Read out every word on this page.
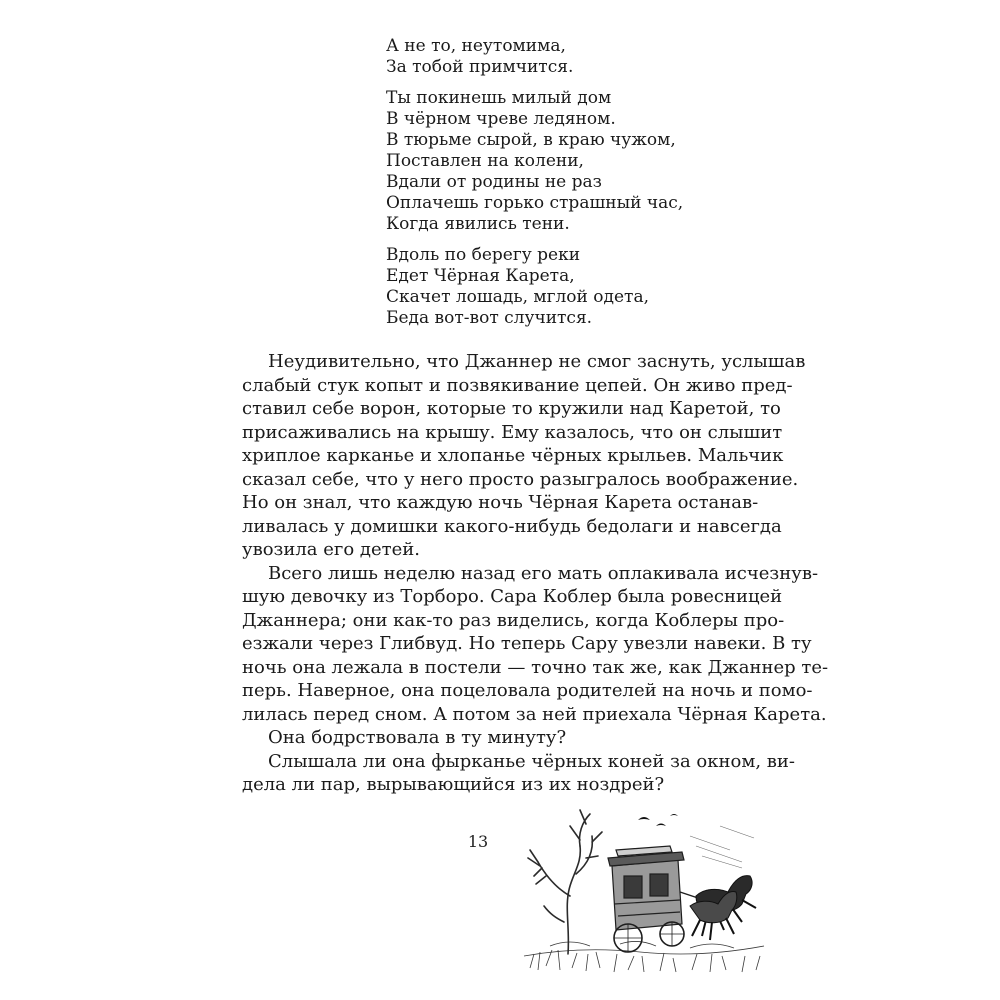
А не то, неутомима,
За тобой примчится.
Ты покинешь милый дом
В чёрном чреве ледяном.
В тюрьме сырой, в краю чужом,
Поставлен на колени,
Вдали от родины не раз
Оплачешь горько страшный час,
Когда явились тени.
Вдоль по берегу реки
Едет Чёрная Карета,
Скачет лошадь, мглой одета,
Беда вот-вот случится.

Неудивительно, что Джаннер не смог заснуть, услышав
слабый стук копыт и позвякивание цепей. Он живо пред-
ставил себе ворон, которые то кружили над Каретой, то
присаживались на крышу. Ему казалось, что он слышит
хриплое карканье и хлопанье чёрных крыльев. Мальчик
сказал себе, что у него просто разыгралось воображение.
Но он знал, что каждую ночь Чёрная Карета останав-
ливалась у домишки какого-нибудь бедолаги и навсегда
увозила его детей.

Всего лишь неделю назад его мать оплакивала исчезнув-
шую девочку из Торборо. Сара Коблер была ровесницей
Джаннера; они как-то раз виделись, когда Коблеры про-
езжали через Глибвуд. Но теперь Сару увезли навеки. В ту
ночь она лежала в постели — точно так же, как Джаннер те-
перь. Наверное, она поцеловала родителей на ночь и помо-
лилась перед сном. А потом за ней приехала Чёрная Карета.

Она бодрствовала в ту минуту?

Слышала ли она фырканье чёрных коней за окном, ви-
дела ли пар, вырывающийся из их ноздрей?

13
